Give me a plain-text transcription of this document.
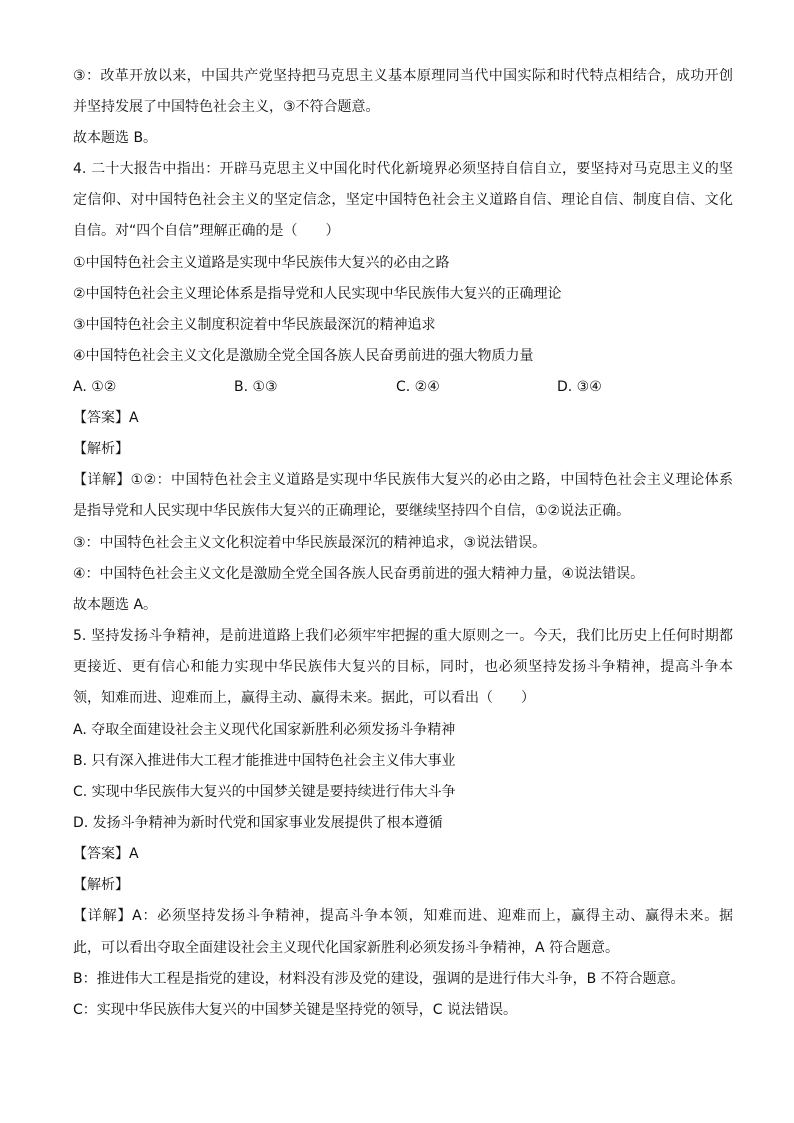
③：改革开放以来，中国共产党坚持把马克思主义基本原理同当代中国实际和时代特点相结合，成功开创
并坚持发展了中国特色社会主义，③不符合题意。
故本题选 B。
4. 二十大报告中指出：开辟马克思主义中国化时代化新境界必须坚持自信自立，要坚持对马克思主义的坚
定信仰、对中国特色社会主义的坚定信念，坚定中国特色社会主义道路自信、理论自信、制度自信、文化
自信。对“四个自信”理解正确的是（　　）
①中国特色社会主义道路是实现中华民族伟大复兴的必由之路
②中国特色社会主义理论体系是指导党和人民实现中华民族伟大复兴的正确理论
③中国特色社会主义制度积淀着中华民族最深沉的精神追求
④中国特色社会主义文化是激励全党全国各族人民奋勇前进的强大物质力量
A. ①②	B. ①③	C. ②④	D. ③④
【答案】A
【解析】
【详解】①②：中国特色社会主义道路是实现中华民族伟大复兴的必由之路，中国特色社会主义理论体系
是指导党和人民实现中华民族伟大复兴的正确理论，要继续坚持四个自信，①②说法正确。
③：中国特色社会主义文化积淀着中华民族最深沉的精神追求，③说法错误。
④：中国特色社会主义文化是激励全党全国各族人民奋勇前进的强大精神力量，④说法错误。
故本题选 A。
5. 坚持发扬斗争精神，是前进道路上我们必须牢牢把握的重大原则之一。今天，我们比历史上任何时期都
更接近、更有信心和能力实现中华民族伟大复兴的目标，同时，也必须坚持发扬斗争精神，提高斗争本
领，知难而进、迎难而上，赢得主动、赢得未来。据此，可以看出（　　）
A. 夺取全面建设社会主义现代化国家新胜利必须发扬斗争精神
B. 只有深入推进伟大工程才能推进中国特色社会主义伟大事业
C. 实现中华民族伟大复兴的中国梦关键是要持续进行伟大斗争
D. 发扬斗争精神为新时代党和国家事业发展提供了根本遵循
【答案】A
【解析】
【详解】A：必须坚持发扬斗争精神，提高斗争本领，知难而进、迎难而上，赢得主动、赢得未来。据
此，可以看出夺取全面建设社会主义现代化国家新胜利必须发扬斗争精神，A 符合题意。
B：推进伟大工程是指党的建设，材料没有涉及党的建设，强调的是进行伟大斗争，B 不符合题意。
C：实现中华民族伟大复兴的中国梦关键是坚持党的领导，C 说法错误。
